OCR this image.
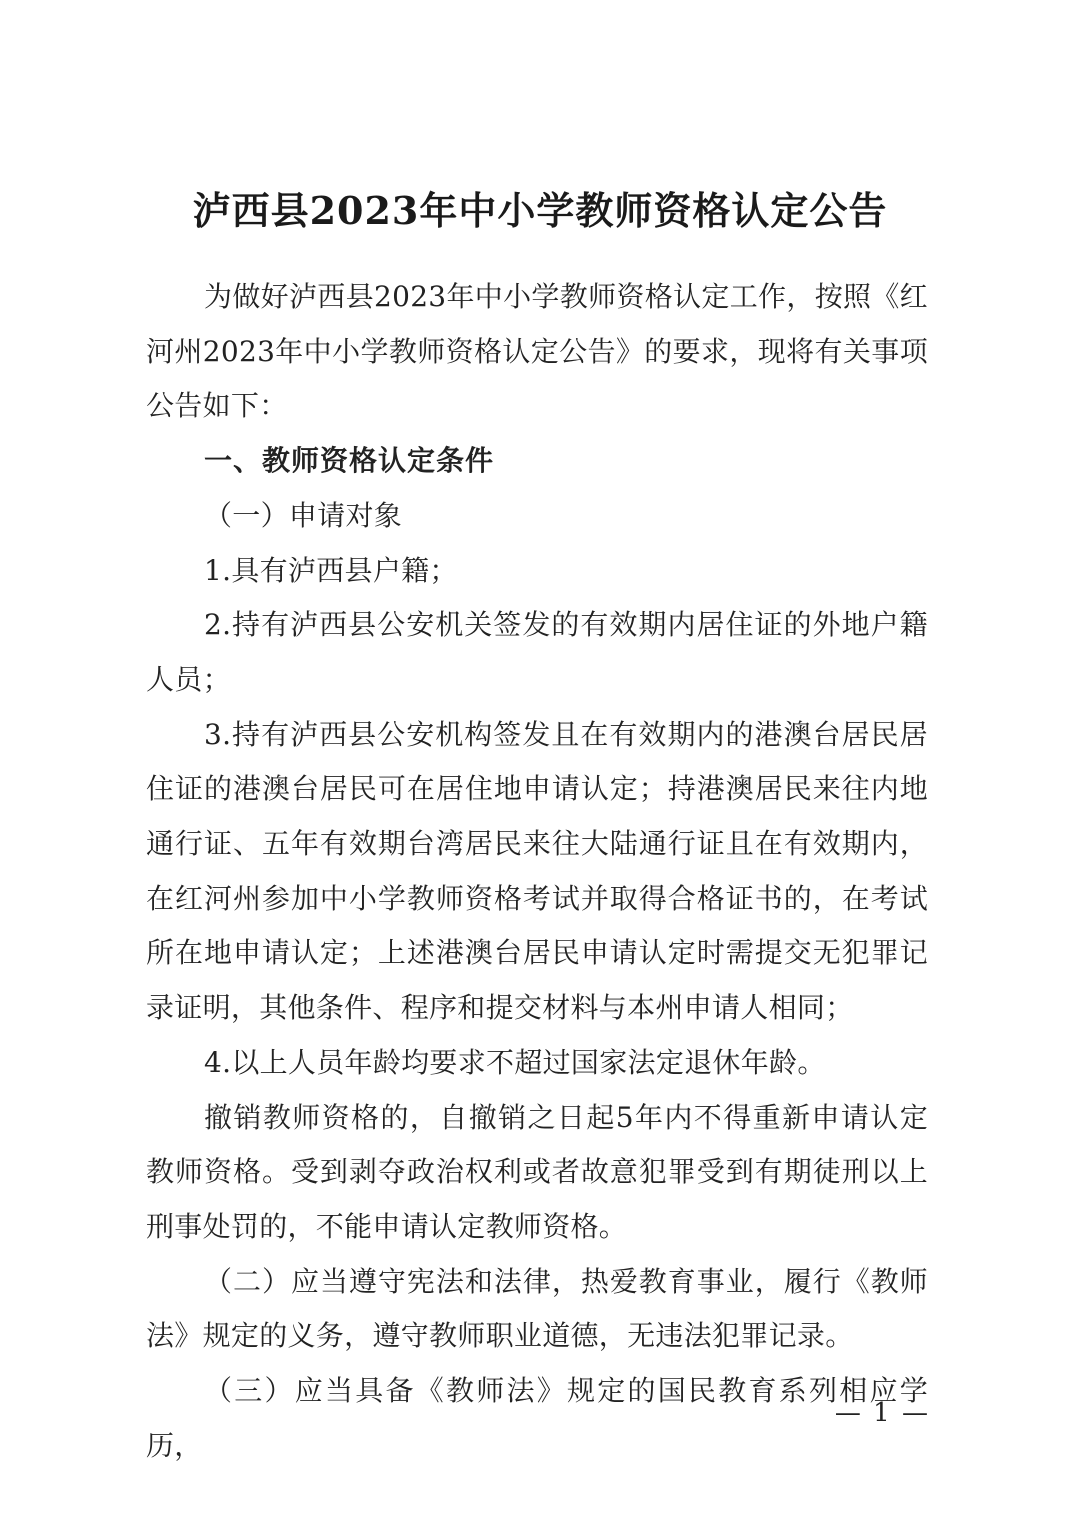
泸西县2023年中小学教师资格认定公告

为做好泸西县2023年中小学教师资格认定工作，按照《红河州2023年中小学教师资格认定公告》的要求，现将有关事项公告如下：

一、教师资格认定条件

（一）申请对象

1.具有泸西县户籍；

2.持有泸西县公安机关签发的有效期内居住证的外地户籍人员；

3.持有泸西县公安机构签发且在有效期内的港澳台居民居住证的港澳台居民可在居住地申请认定；持港澳居民来往内地通行证、五年有效期台湾居民来往大陆通行证且在有效期内，在红河州参加中小学教师资格考试并取得合格证书的，在考试所在地申请认定；上述港澳台居民申请认定时需提交无犯罪记录证明，其他条件、程序和提交材料与本州申请人相同；

4.以上人员年龄均要求不超过国家法定退休年龄。

撤销教师资格的，自撤销之日起5年内不得重新申请认定教师资格。受到剥夺政治权利或者故意犯罪受到有期徒刑以上刑事处罚的，不能申请认定教师资格。

（二）应当遵守宪法和法律，热爱教育事业，履行《教师法》规定的义务，遵守教师职业道德，无违法犯罪记录。

（三）应当具备《教师法》规定的国民教育系列相应学历，

— 1 —
